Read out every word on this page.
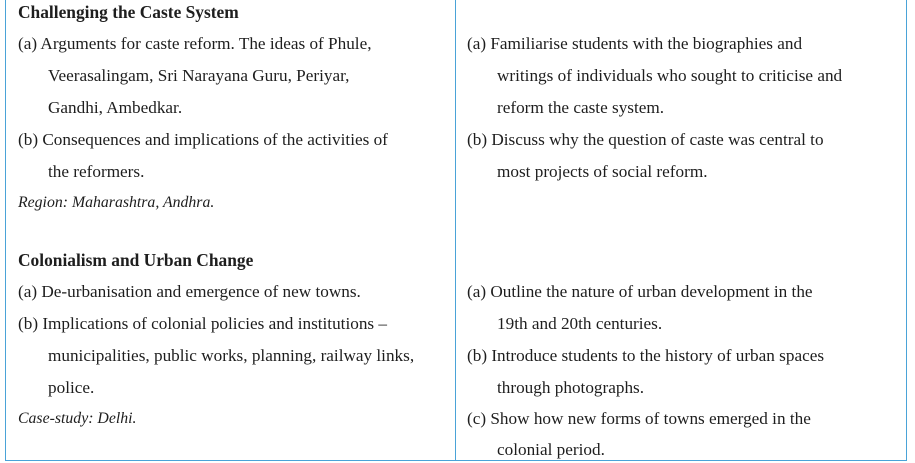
Challenging the Caste System
(a) Arguments for caste reform. The ideas of Phule,
Veerasalingam, Sri Narayana Guru, Periyar,
Gandhi, Ambedkar.
(b) Consequences and implications of the activities of
the reformers.
Region: Maharashtra, Andhra.
Colonialism and Urban Change
(a) De-urbanisation and emergence of new towns.
(b) Implications of colonial policies and institutions –
municipalities, public works, planning, railway links,
police.
Case-study: Delhi.
(a) Familiarise students with the biographies and
writings of individuals who sought to criticise and
reform the caste system.
(b) Discuss why the question of caste was central to
most projects of social reform.
(a) Outline the nature of urban development in the
19th and 20th centuries.
(b) Introduce students to the history of urban spaces
through photographs.
(c) Show how new forms of towns emerged in the
colonial period.
